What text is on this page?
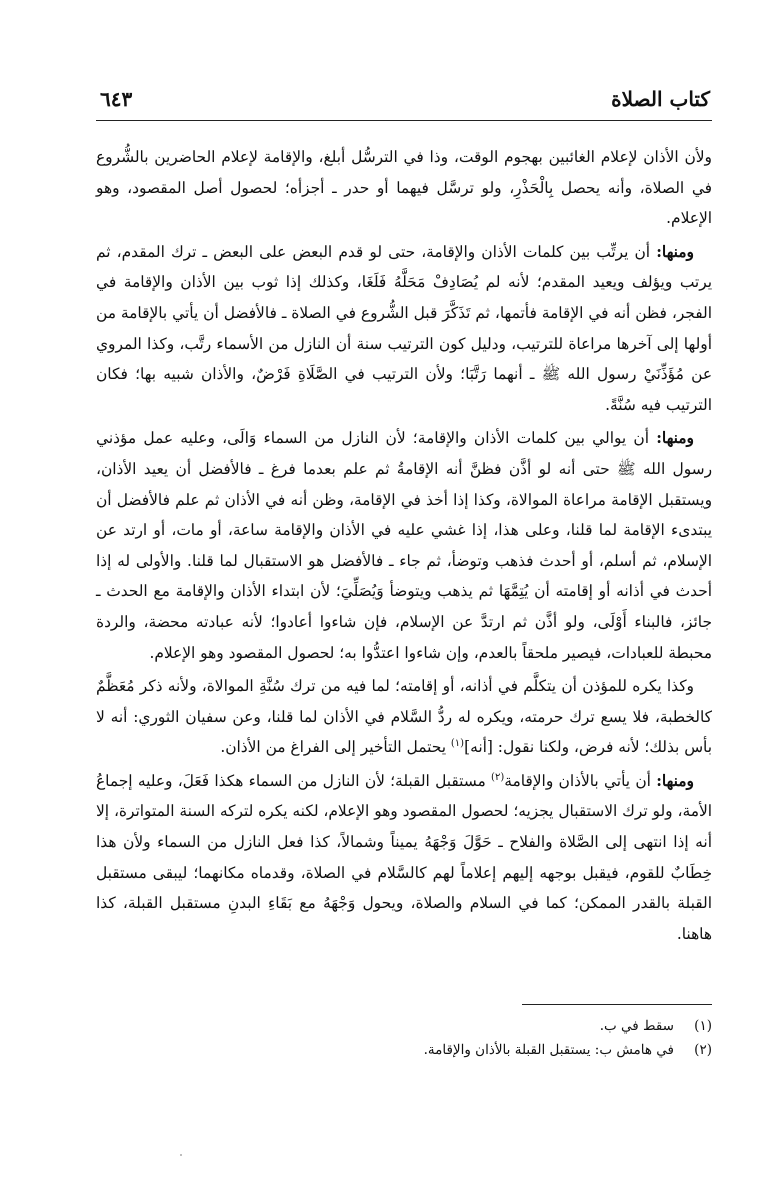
كتاب الصلاة
٦٤٣

ولأن الأذان لإعلام الغائبين بهجوم الوقت، وذا في الترسُّل أبلغ، والإقامة لإعلام الحاضرين بالشُّروع في الصلاة، وأنه يحصل بِالْحَذْرِ، ولو ترسَّل فيهما أو حدر ـ أجزأه؛ لحصول أصل المقصود، وهو الإعلام.

ومنها: أن يرتِّب بين كلمات الأذان والإقامة، حتى لو قدم البعض على البعض ـ ترك المقدم، ثم يرتب ويؤلف ويعيد المقدم؛ لأنه لم يُصَادِفْ مَحَلَّهُ فَلَغَا، وكذلك إذا ثوب بين الأذان والإقامة في الفجر، فظن أنه في الإقامة فأتمها، ثم تَذَكَّرَ قبل الشُّروع في الصلاة ـ فالأفضل أن يأتي بالإقامة من أولها إلى آخرها مراعاة للترتيب، ودليل كون الترتيب سنة أن النازل من الأسماء رتَّب، وكذا المروي عن مُؤَذِّنَيْ رسول الله ﷺ ـ أنهما رَتَّبَا؛ ولأن الترتيب في الصَّلَاةِ فَرْضٌ، والأذان شبيه بها؛ فكان الترتيب فيه سُنَّةً.

ومنها: أن يوالي بين كلمات الأذان والإقامة؛ لأن النازل من السماء وَالَى، وعليه عمل مؤذني رسول الله ﷺ حتى أنه لو أذَّن فظنَّ أنه الإقامةُ ثم علم بعدما فرغ ـ فالأفضل أن يعيد الأذان، ويستقبل الإقامة مراعاة الموالاة، وكذا إذا أخذ في الإقامة، وظن أنه في الأذان ثم علم فالأفضل أن يبتدىء الإقامة لما قلنا، وعلى هذا، إذا غشي عليه في الأذان والإقامة ساعة، أو مات، أو ارتد عن الإسلام، ثم أسلم، أو أحدث فذهب وتوضأ، ثم جاء ـ فالأفضل هو الاستقبال لما قلنا. والأولى له إذا أحدث في أذانه أو إقامته أن يُتِمَّهَا ثم يذهب ويتوضأ وَيُصَلِّيَ؛ لأن ابتداء الأذان والإقامة مع الحدث ـ جائز، فالبناء أَوْلَى، ولو أذَّن ثم ارتدَّ عن الإسلام، فإن شاءوا أعادوا؛ لأنه عبادته محضة، والردة محبطة للعبادات، فيصير ملحقاً بالعدم، وإن شاءوا اعتدُّوا به؛ لحصول المقصود وهو الإعلام.

وكذا يكره للمؤذن أن يتكلَّم في أذانه، أو إقامته؛ لما فيه من ترك سُنَّةِ الموالاة، ولأنه ذكر مُعَظَّمٌ كالخطبة، فلا يسع ترك حرمته، ويكره له ردُّ السَّلام في الأذان لما قلنا، وعن سفيان الثوري: أنه لا بأس بذلك؛ لأنه فرض، ولكنا نقول: [أنه]$^{(١)}$ يحتمل التأخير إلى الفراغ من الأذان.

ومنها: أن يأتي بالأذان والإقامة$^{(٢)}$ مستقبل القبلة؛ لأن النازل من السماء هكذا فَعَلَ، وعليه إجماعُ الأمة، ولو ترك الاستقبال يجزيه؛ لحصول المقصود وهو الإعلام، لكنه يكره لتركه السنة المتواترة، إلا أنه إذا انتهى إلى الصَّلاة والفلاح ـ حَوَّلَ وَجْهَهُ يميناً وشمالاً، كذا فعل النازل من السماء ولأن هذا خِطَابٌ للقوم، فيقبل بوجهه إليهم إعلاماً لهم كالسَّلام في الصلاة، وقدماه مكانهما؛ ليبقى مستقبل القبلة بالقدر الممكن؛ كما في السلام والصلاة، ويحول وَجْهَهُ مع بَقَاءِ البدنِ مستقبل القبلة، كذا هاهنا.

(١)
سقط في ب.
(٢)
في هامش ب: يستقبل القبلة بالأذان والإقامة.
